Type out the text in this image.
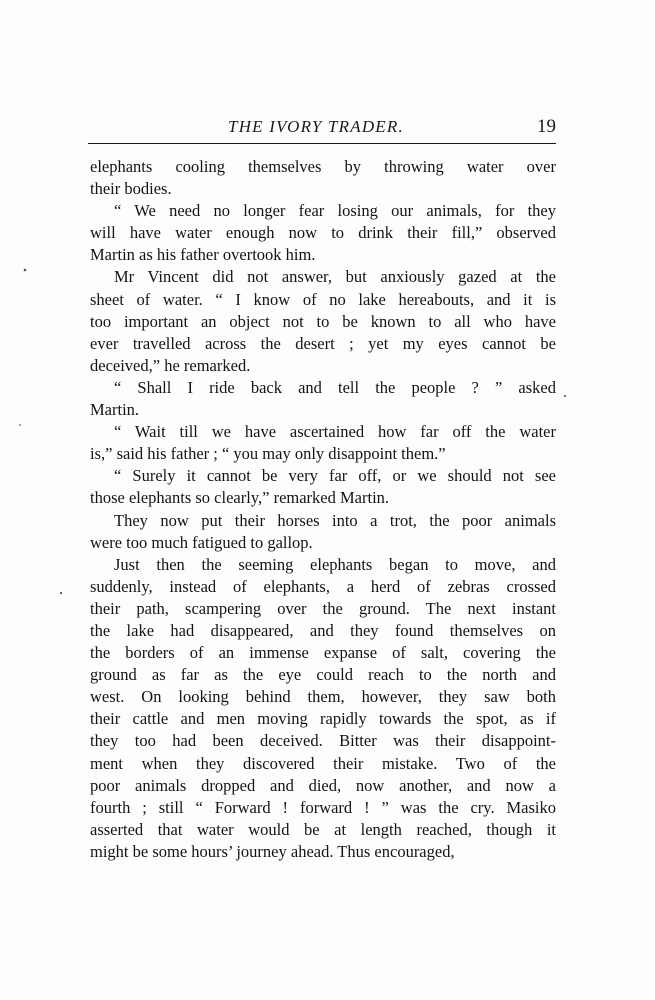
THE IVORY TRADER.	19

elephants cooling themselves by throwing water over
their bodies.

“ We need no longer fear losing our animals, for they
will have water enough now to drink their fill,” observed
Martin as his father overtook him.

Mr Vincent did not answer, but anxiously gazed at the
sheet of water. “ I know of no lake hereabouts, and it is
too important an object not to be known to all who have
ever travelled across the desert ; yet my eyes cannot be
deceived,” he remarked.

“ Shall I ride back and tell the people ? ” asked
Martin.

“ Wait till we have ascertained how far off the water
is,” said his father ; “ you may only disappoint them.”

“ Surely it cannot be very far off, or we should not see
those elephants so clearly,” remarked Martin.

They now put their horses into a trot, the poor animals
were too much fatigued to gallop.

Just then the seeming elephants began to move, and
suddenly, instead of elephants, a herd of zebras crossed
their path, scampering over the ground. The next instant
the lake had disappeared, and they found themselves on
the borders of an immense expanse of salt, covering the
ground as far as the eye could reach to the north and
west. On looking behind them, however, they saw both
their cattle and men moving rapidly towards the spot, as if
they too had been deceived. Bitter was their disappoint-
ment when they discovered their mistake. Two of the
poor animals dropped and died, now another, and now a
fourth ; still “ Forward ! forward ! ” was the cry. Masiko
asserted that water would be at length reached, though it
might be some hours’ journey ahead. Thus encouraged,
